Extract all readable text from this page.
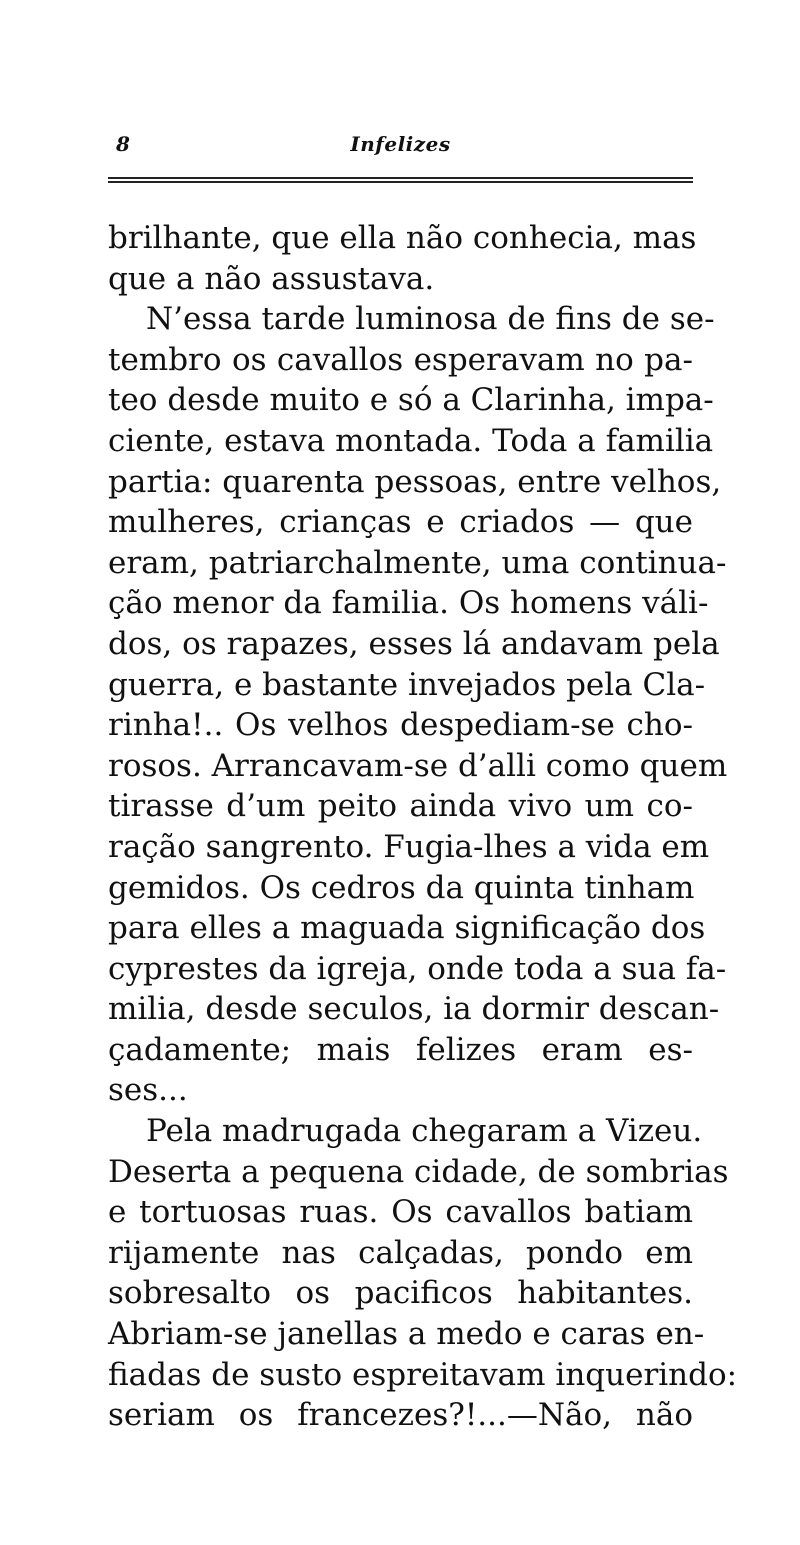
8	Infelizes
brilhante, que ella não conhecia, mas
que a não assustava.
N’essa tarde luminosa de fins de se-
tembro os cavallos esperavam no pa-
teo desde muito e só a Clarinha, impa-
ciente, estava montada. Toda a familia
partia: quarenta pessoas, entre velhos,
mulheres, crianças e criados — que
eram, patriarchalmente, uma continua-
ção menor da familia. Os homens váli-
dos, os rapazes, esses lá andavam pela
guerra, e bastante invejados pela Cla-
rinha!.. Os velhos despediam-se cho-
rosos. Arrancavam-se d’alli como quem
tirasse d’um peito ainda vivo um co-
ração sangrento. Fugia-lhes a vida em
gemidos. Os cedros da quinta tinham
para elles a maguada significação dos
cyprestes da igreja, onde toda a sua fa-
milia, desde seculos, ia dormir descan-
çadamente; mais felizes eram es-
ses...
Pela madrugada chegaram a Vizeu.
Deserta a pequena cidade, de sombrias
e tortuosas ruas. Os cavallos batiam
rijamente nas calçadas, pondo em
sobresalto os pacificos habitantes.
Abriam-se janellas a medo e caras en-
fiadas de susto espreitavam inquerindo:
seriam os francezes?!...—Não, não
